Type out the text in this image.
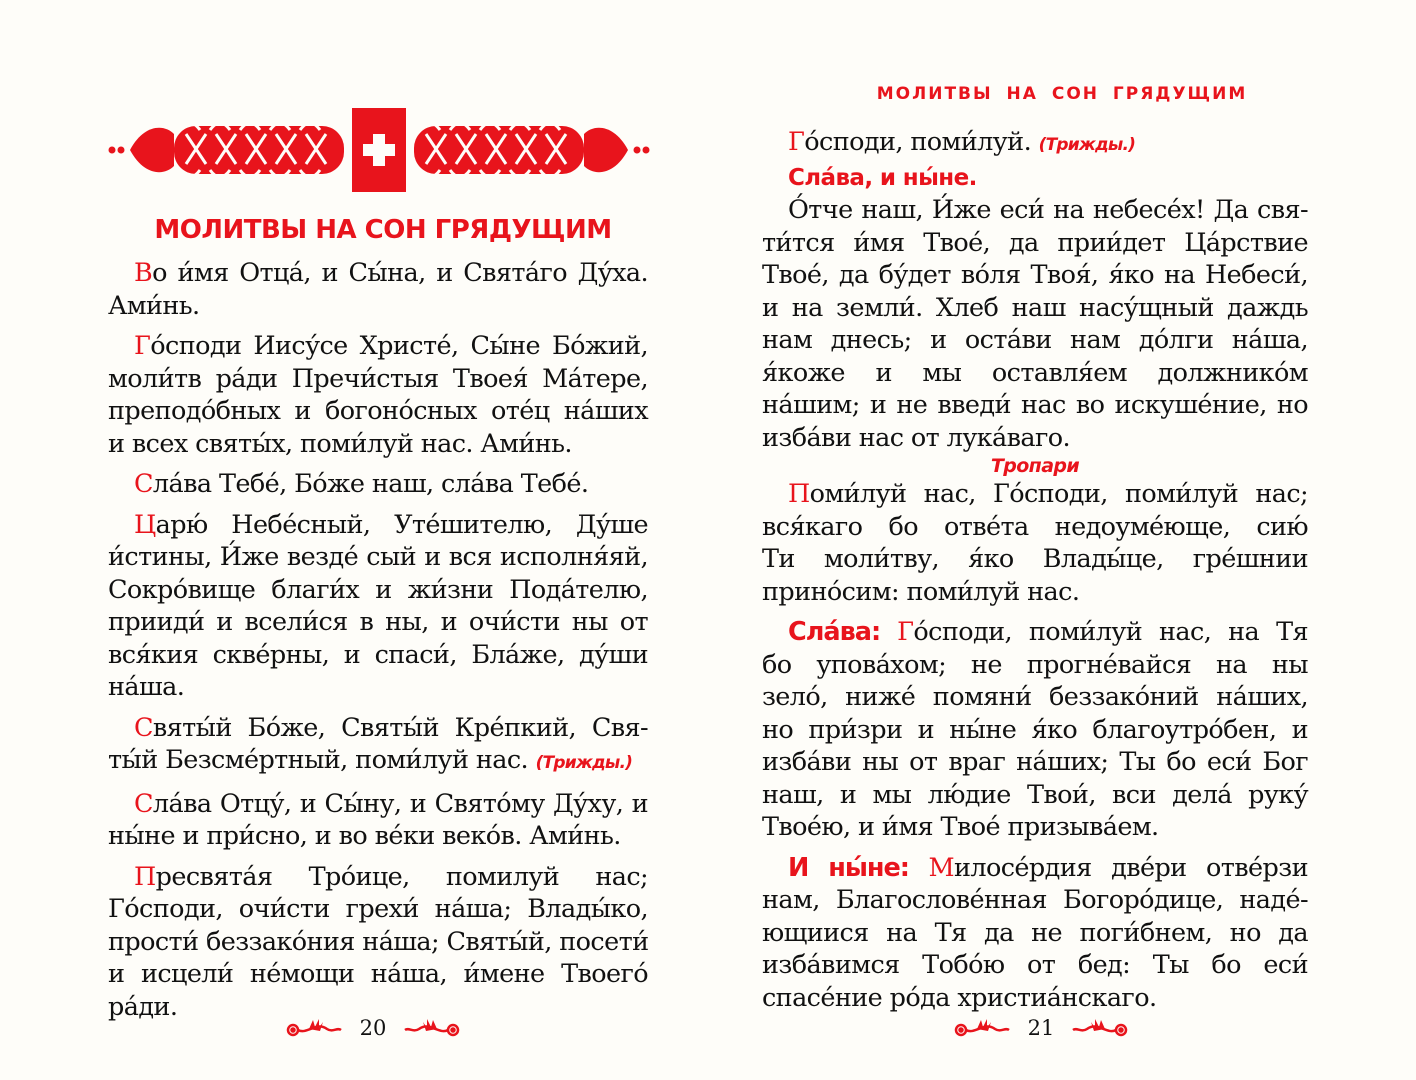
МОЛИТВЫ НА СОН ГРЯДУЩИМ
Во и́мя Отца́, и Сы́на, и Свята́го Ду́ха.
Ами́нь.
Го́споди Иису́се Христе́, Сы́не Бо́жий,
моли́тв ра́ди Пречи́стыя Твоея́ Ма́тере,
преподо́бных и богоно́сных оте́ц на́ших
и всех святы́х, поми́луй нас. Ами́нь.
Сла́ва Тебе́, Бо́же наш, сла́ва Тебе́.
Царю́ Небе́сный, Уте́шителю, Ду́ше
и́стины, И́же везде́ сый и вся исполня́яй,
Сокро́вище благи́х и жи́зни Пода́телю,
прииди́ и всели́ся в ны, и очи́сти ны от
вся́кия скве́рны, и спаси́, Бла́же, ду́ши
на́ша.
Святы́й Бо́же, Святы́й Кре́пкий, Свя-
ты́й Безсме́ртный, поми́луй нас. (Трижды.)
Сла́ва Отцу́, и Сы́ну, и Свято́му Ду́ху, и
ны́не и при́сно, и во ве́ки веко́в. Ами́нь.
Пресвята́я Тро́ице, помилуй нас;
Го́споди, очи́сти грехи́ на́ша; Влады́ко,
прости́ беззако́ния на́ша; Святы́й, посети́
и исцели́ не́мощи на́ша, и́мене Твоего́
ра́ди.
20
МОЛИТВЫ НА СОН ГРЯДУЩИМ
Го́споди, поми́луй. (Трижды.)
Сла́ва, и ны́не.
О́тче наш, И́же еси́ на небесе́х! Да свя-
ти́тся и́мя Твое́, да прии́дет Ца́рствие
Твое́, да бу́дет во́ля Твоя́, я́ко на Небеси́,
и на земли́. Хлеб наш насу́щный даждь
нам днесь; и оста́ви нам до́лги на́ша,
я́коже и мы оставля́ем должнико́м
на́шим; и не введи́ нас во искуше́ние, но
изба́ви нас от лука́ваго.
Тропари
Поми́луй нас, Го́споди, поми́луй нас;
вся́каго бо отве́та недоуме́юще, сию́
Ти моли́тву, я́ко Влады́це, гре́шнии
прино́сим: поми́луй нас.
Сла́ва: Го́споди, поми́луй нас, на Тя
бо упова́хом; не прогне́вайся на ны
зело́, ниже́ помяни́ беззако́ний на́ших,
но при́зри и ны́не я́ко благоутро́бен, и
изба́ви ны от враг на́ших; Ты бо еси́ Бог
наш, и мы лю́дие Твои́, вси дела́ руку́
Твое́ю, и и́мя Твое́ призыва́ем.
И ны́не: Милосе́рдия две́ри отве́рзи
нам, Благослове́нная Богоро́дице, наде́-
ющиися на Тя да не поги́бнем, но да
изба́вимся Тобо́ю от бед: Ты бо еси́
спасе́ние ро́да христиа́нскаго.
21
